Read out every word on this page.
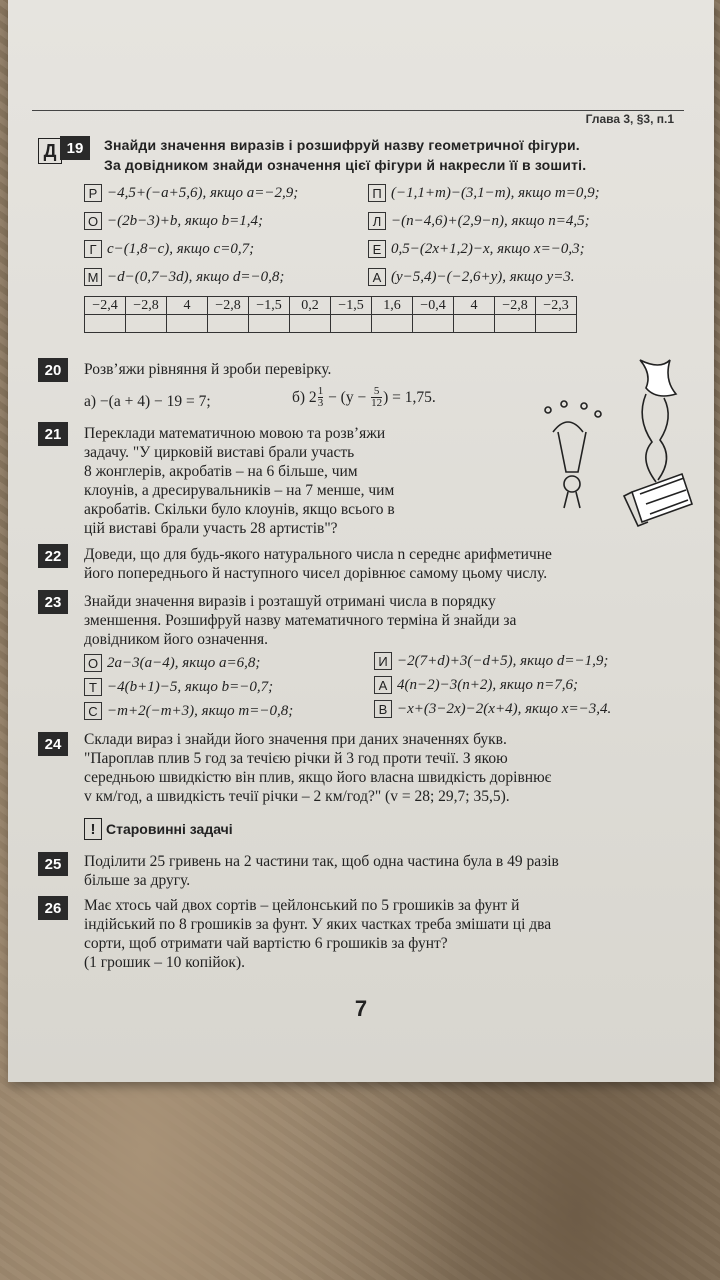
Глава 3, §3, п.1
Д 19	Знайди значення виразів і розшифруй назву геометричної фігури.
За довідником знайди означення цієї фігури й накресли її в зошиті.
Р −4,5+(−a+5,6), якщо a=−2,9;	П (−1,1+m)−(3,1−m), якщо m=0,9;
О −(2b−3)+b, якщо b=1,4;	Л −(n−4,6)+(2,9−n), якщо n=4,5;
Г c−(1,8−c), якщо c=0,7;	Е 0,5−(2x+1,2)−x, якщо x=−0,3;
М −d−(0,7−3d), якщо d=−0,8;	А (y−5,4)−(−2,6+y), якщо y=3.
−2,4	−2,8	4	−2,8	−1,5	0,2	−1,5	1,6	−0,4	4	−2,8	−2,3

20	Розв’яжи рівняння й зроби перевірку.
а) −(a + 4) − 19 = 7;	б) 2 1
$3 - (y - \frac{5}{12}$ ) = 1,75.
21	Переклади математичною мовою та розв’яжи
задачу. "У цирковій виставі брали участь
8 жонглерів, акробатів – на 6 більше, чим
клоунів, а дресирувальників – на 7 менше, чим
акробатів. Скільки було клоунів, якщо всього в
цій виставі брали участь 28 артистів"?
22	Доведи, що для будь-якого натурального числа n середнє арифметичне
його попереднього й наступного чисел дорівнює самому цьому числу.
23	Знайди значення виразів і розташуй отримані числа в порядку
зменшення. Розшифруй назву математичного терміна й знайди за
довідником його означення.
О 2a−3(a−4), якщо a=6,8;	И −2(7+d)+3(−d+5), якщо d=−1,9;
Т −4(b+1)−5, якщо b=−0,7;	А 4(n−2)−3(n+2), якщо n=7,6;
С −m+2(−m+3), якщо m=−0,8;	В −x+(3−2x)−2(x+4), якщо x=−3,4.
24	Склади вираз і знайди його значення при даних значеннях букв.
"Пароплав плив 5 год за течією річки й 3 год проти течії. З якою
середньою швидкістю він плив, якщо його власна швидкість дорівнює
v км/год, а швидкість течії річки – 2 км/год?" (v = 28; 29,7; 35,5).
! Старовинні задачі
25	Поділити 25 гривень на 2 частини так, щоб одна частина була в 49 разів
більше за другу.
26	Має хтось чай двох сортів – цейлонський по 5 грошиків за фунт й
індійський по 8 грошиків за фунт. У яких частках треба змішати ці два
сорти, щоб отримати чай вартістю 6 грошиків за фунт?
(1 грошик – 10 копійок).
7
